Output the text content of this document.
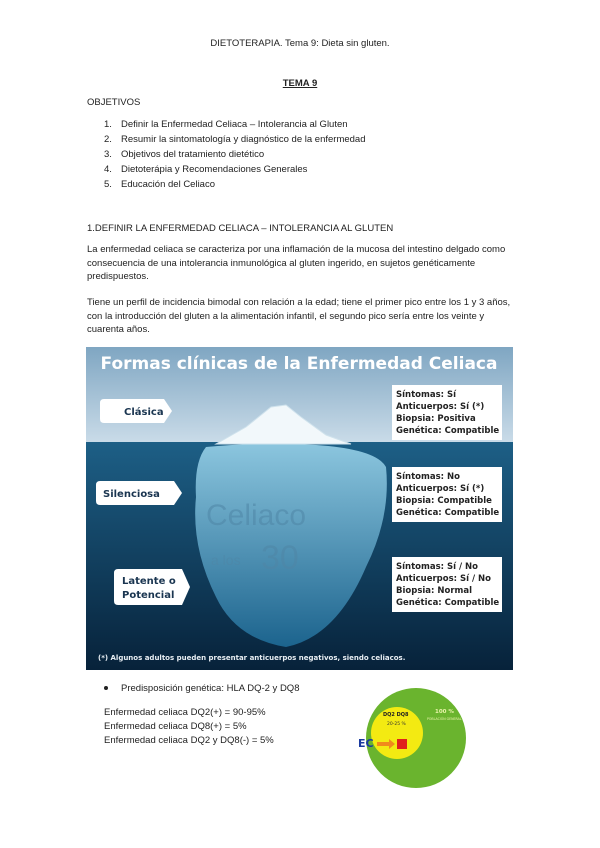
DIETOTERAPIA. Tema 9: Dieta sin gluten.
TEMA 9
OBJETIVOS
1. Definir la Enfermedad Celiaca – Intolerancia al Gluten
2. Resumir la sintomatología y diagnóstico de la enfermedad
3. Objetivos del tratamiento dietético
4. Dietoterápia y Recomendaciones Generales
5. Educación del Celiaco
1.DEFINIR LA ENFERMEDAD CELIACA – INTOLERANCIA AL GLUTEN

La enfermedad celiaca se caracteriza por una inflamación de la mucosa del intestino delgado como consecuencia de una intolerancia inmunológica al gluten ingerido, en sujetos genéticamente predispuestos.

Tiene un perfil de incidencia bimodal con relación a la edad; tiene el primer pico entre los 1 y 3 años, con la introducción del gluten a la alimentación infantil, el segundo pico sería entre los veinte y cuarenta años.

Formas clínicas de la Enfermedad Celiaca
Celiaco
a los 30
Clásica
Silenciosa
Latente o
Potencial
Síntomas: Sí
Anticuerpos: Sí (*)
Biopsia: Positiva
Genética: Compatible
Síntomas: No
Anticuerpos: Sí (*)
Biopsia: Compatible
Genética: Compatible
Síntomas: Sí / No
Anticuerpos: Sí / No
Biopsia: Normal
Genética: Compatible
(*) Algunos adultos pueden presentar anticuerpos negativos, siendo celiacos.
Predisposición genética: HLA DQ-2 y DQ8
Enfermedad celiaca DQ2(+) = 90-95%
Enfermedad celiaca DQ8(+) = 5%
Enfermedad celiaca DQ2 y DQ8(-) = 5%
100 %
POBLACIÓN GENERAL
DQ2 DQ8
20-25 %
EC
